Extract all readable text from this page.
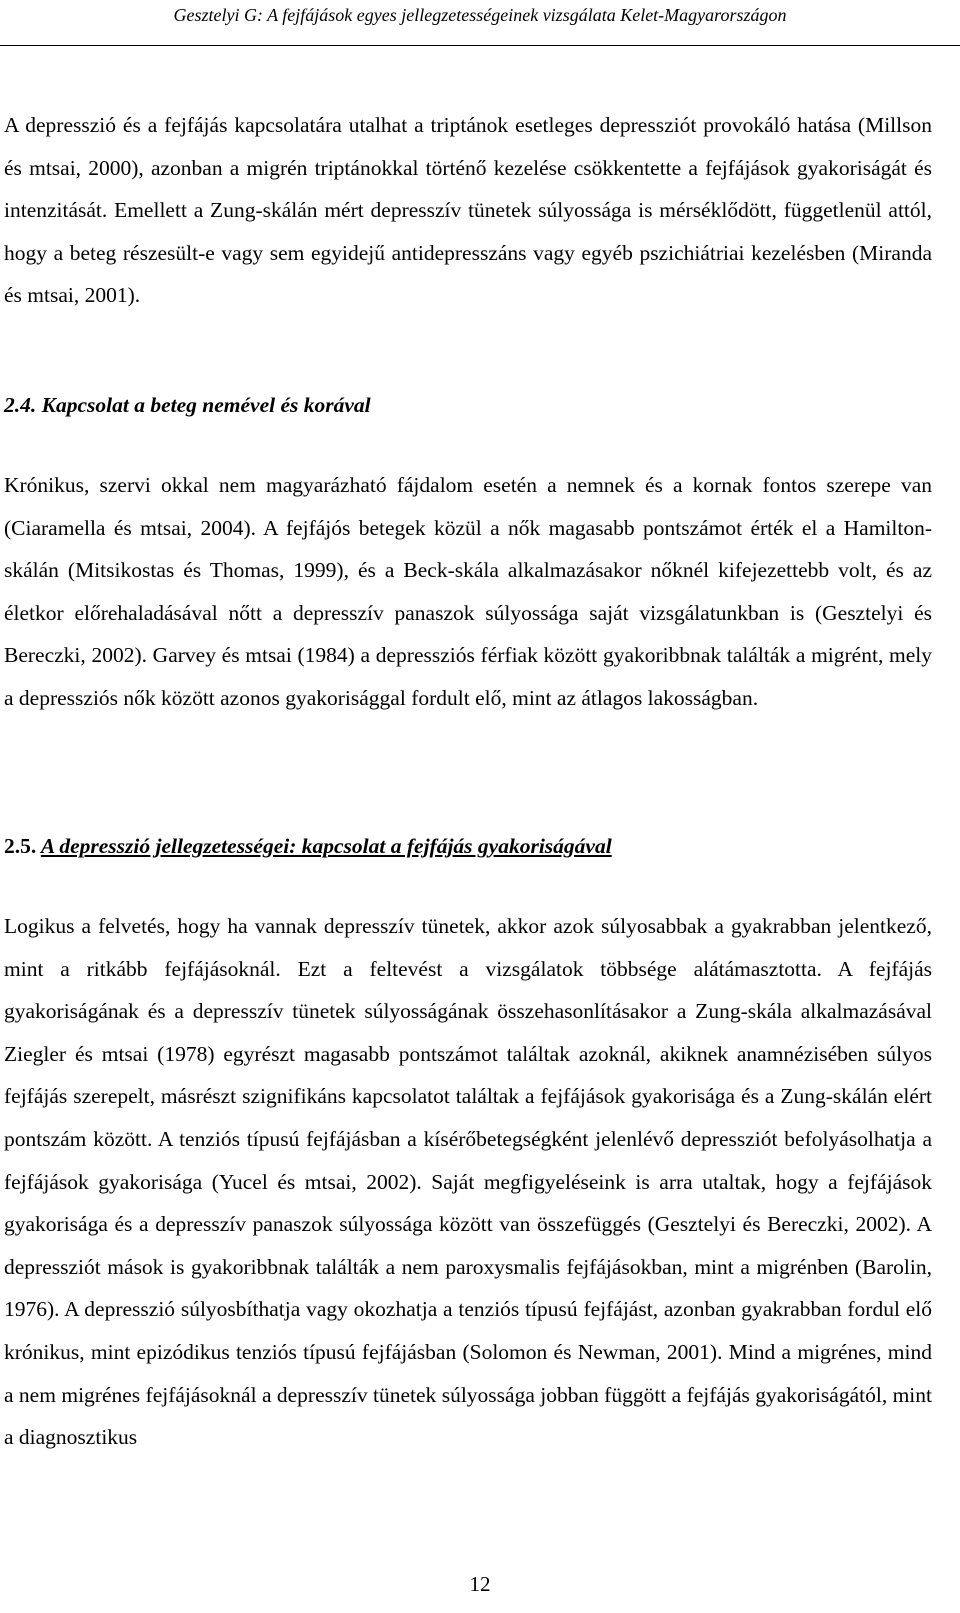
Gesztelyi G: A fejfájások egyes jellegzetességeinek vizsgálata Kelet-Magyarországon

A depresszió és a fejfájás kapcsolatára utalhat a triptánok esetleges depressziót provokáló hatása (Millson és mtsai, 2000), azonban a migrén triptánokkal történő kezelése csökkentette a fejfájások gyakoriságát és intenzitását. Emellett a Zung-skálán mért depresszív tünetek súlyossága is mérséklődött, függetlenül attól, hogy a beteg részesült-e vagy sem egyidejű antidepresszáns vagy egyéb pszichiátriai kezelésben (Miranda és mtsai, 2001).

2.4. Kapcsolat a beteg nemével és korával

Krónikus, szervi okkal nem magyarázható fájdalom esetén a nemnek és a kornak fontos szerepe van (Ciaramella és mtsai, 2004). A fejfájós betegek közül a nők magasabb pontszámot érték el a Hamilton-skálán (Mitsikostas és Thomas, 1999), és a Beck-skála alkalmazásakor nőknél kifejezettebb volt, és az életkor előrehaladásával nőtt a depresszív panaszok súlyossága saját vizsgálatunkban is (Gesztelyi és Bereczki, 2002). Garvey és mtsai (1984) a depressziós férfiak között gyakoribbnak találták a migrént, mely a depressziós nők között azonos gyakorisággal fordult elő, mint az átlagos lakosságban.

2.5. A depresszió jellegzetességei: kapcsolat a fejfájás gyakoriságával

Logikus a felvetés, hogy ha vannak depresszív tünetek, akkor azok súlyosabbak a gyakrabban jelentkező, mint a ritkább fejfájásoknál. Ezt a feltevést a vizsgálatok többsége alátámasztotta. A fejfájás gyakoriságának és a depresszív tünetek súlyosságának összehasonlításakor a Zung-skála alkalmazásával Ziegler és mtsai (1978) egyrészt magasabb pontszámot találtak azoknál, akiknek anamnézisében súlyos fejfájás szerepelt, másrészt szignifikáns kapcsolatot találtak a fejfájások gyakorisága és a Zung-skálán elért pontszám között. A tenziós típusú fejfájásban a kísérőbetegségként jelenlévő depressziót befolyásolhatja a fejfájások gyakorisága (Yucel és mtsai, 2002). Saját megfigyeléseink is arra utaltak, hogy a fejfájások gyakorisága és a depresszív panaszok súlyossága között van összefüggés (Gesztelyi és Bereczki, 2002). A depressziót mások is gyakoribbnak találták a nem paroxysmalis fejfájásokban, mint a migrénben (Barolin, 1976). A depresszió súlyosbíthatja vagy okozhatja a tenziós típusú fejfájást, azonban gyakrabban fordul elő krónikus, mint epizódikus tenziós típusú fejfájásban (Solomon és Newman, 2001). Mind a migrénes, mind a nem migrénes fejfájásoknál a depresszív tünetek súlyossága jobban függött a fejfájás gyakoriságától, mint a diagnosztikus

12
